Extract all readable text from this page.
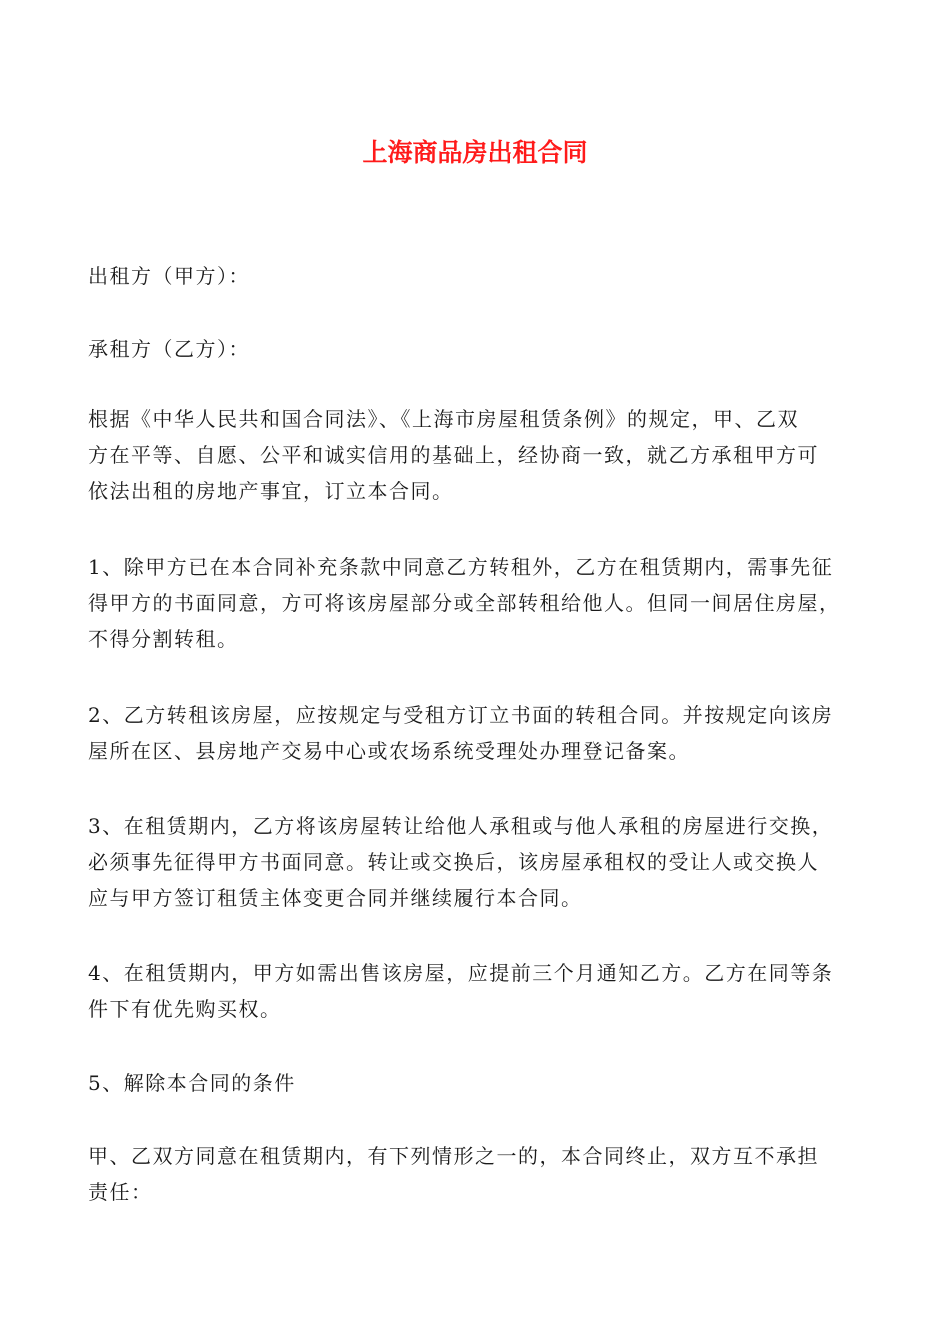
上海商品房出租合同
出租方（甲方）：
承租方（乙方）：
根据《中华人民共和国合同法》、《上海市房屋租赁条例》的规定，甲、乙双
方在平等、自愿、公平和诚实信用的基础上，经协商一致，就乙方承租甲方可
依法出租的房地产事宜，订立本合同。
1、除甲方已在本合同补充条款中同意乙方转租外，乙方在租赁期内，需事先征
得甲方的书面同意，方可将该房屋部分或全部转租给他人。但同一间居住房屋，
不得分割转租。
2、乙方转租该房屋，应按规定与受租方订立书面的转租合同。并按规定向该房
屋所在区、县房地产交易中心或农场系统受理处办理登记备案。
3、在租赁期内，乙方将该房屋转让给他人承租或与他人承租的房屋进行交换，
必须事先征得甲方书面同意。转让或交换后，该房屋承租权的受让人或交换人
应与甲方签订租赁主体变更合同并继续履行本合同。
4、在租赁期内，甲方如需出售该房屋，应提前三个月通知乙方。乙方在同等条
件下有优先购买权。
5、解除本合同的条件
甲、乙双方同意在租赁期内，有下列情形之一的，本合同终止，双方互不承担
责任：
